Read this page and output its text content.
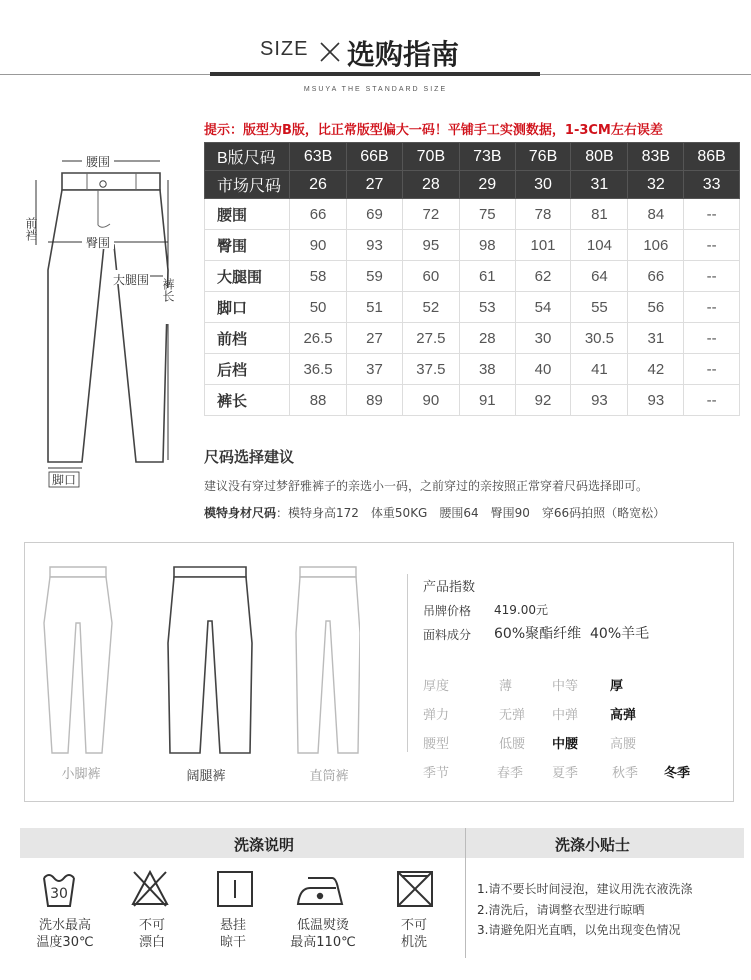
SIZE 选购指南
MSUYA THE STANDARD SIZE
提示：版型为B版，比正常版型偏大一码！平铺手工实测数据，1-3CM左右误差
腰围
前裆
臀围
大腿围 裤长
脚口
B版尺码	63B	66B	70B	73B	76B	80B	83B	86B
市场尺码	26	27	28	29	30	31	32	33
腰围	66	69	72	75	78	81	84	--
臀围	90	93	95	98	101	104	106	--
大腿围	58	59	60	61	62	64	66	--
脚口	50	51	52	53	54	55	56	--
前档	26.5	27	27.5	28	30	30.5	31	--
后档	36.5	37	37.5	38	40	41	42	--
裤长	88	89	90	91	92	93	93	--
尺码选择建议
建议没有穿过梦舒雅裤子的亲选小一码，之前穿过的亲按照正常穿着尺码选择即可。
模特身材尺码：模特身高172　体重50KG　腰围64　臀围90　穿66码拍照（略宽松）
小脚裤	阔腿裤	直筒裤
产品指数
吊牌价格 419.00元
面料成分 60%聚酯纤维  40%羊毛
厚度	薄	中等 厚
弹力	无弹 中弹 高弹
腰型	低腰 中腰 高腰
季节	春季 夏季	秋季 冬季
洗涤说明	洗涤小贴士
30
洗水最高
温度30℃
不可
漂白
悬挂
晾干
低温熨烫
最高110℃
不可
机洗
1.请不要长时间浸泡，建议用洗衣液洗涤
2.清洗后，请调整衣型进行晾晒
3.请避免阳光直晒，以免出现变色情况
